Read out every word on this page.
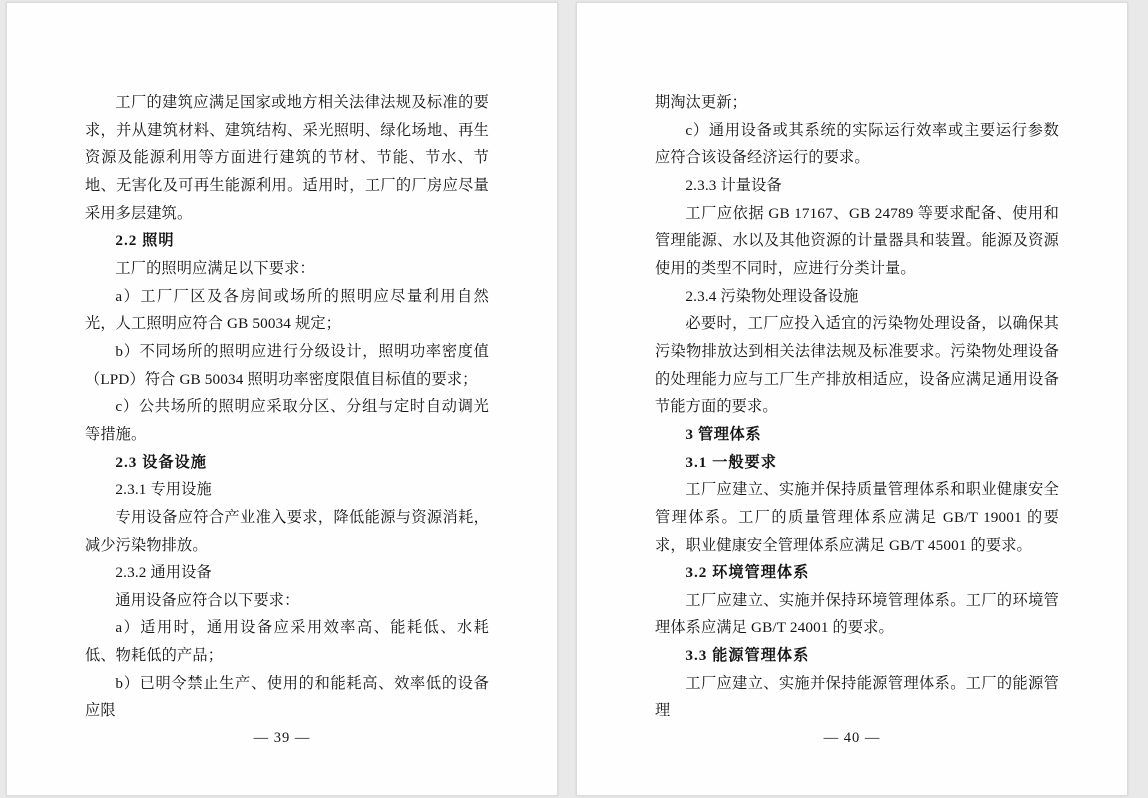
工厂的建筑应满足国家或地方相关法律法规及标准的要求，并从建筑材料、建筑结构、采光照明、绿化场地、再生资源及能源利用等方面进行建筑的节材、节能、节水、节地、无害化及可再生能源利用。适用时，工厂的厂房应尽量采用多层建筑。

2.2 照明

工厂的照明应满足以下要求：

a）工厂厂区及各房间或场所的照明应尽量利用自然光，人工照明应符合 GB 50034 规定；

b）不同场所的照明应进行分级设计，照明功率密度值（LPD）符合 GB 50034 照明功率密度限值目标值的要求；

c）公共场所的照明应采取分区、分组与定时自动调光等措施。

2.3 设备设施

2.3.1 专用设施

专用设备应符合产业准入要求，降低能源与资源消耗，减少污染物排放。

2.3.2 通用设备

通用设备应符合以下要求：

a）适用时，通用设备应采用效率高、能耗低、水耗低、物耗低的产品；

b）已明令禁止生产、使用的和能耗高、效率低的设备应限

— 39 —

期淘汰更新；

c）通用设备或其系统的实际运行效率或主要运行参数应符合该设备经济运行的要求。

2.3.3 计量设备

工厂应依据 GB 17167、GB 24789 等要求配备、使用和管理能源、水以及其他资源的计量器具和装置。能源及资源使用的类型不同时，应进行分类计量。

2.3.4 污染物处理设备设施

必要时，工厂应投入适宜的污染物处理设备，以确保其污染物排放达到相关法律法规及标准要求。污染物处理设备的处理能力应与工厂生产排放相适应，设备应满足通用设备节能方面的要求。

3 管理体系

3.1 一般要求

工厂应建立、实施并保持质量管理体系和职业健康安全管理体系。工厂的质量管理体系应满足 GB/T 19001 的要求，职业健康安全管理体系应满足 GB/T 45001 的要求。

3.2 环境管理体系

工厂应建立、实施并保持环境管理体系。工厂的环境管理体系应满足 GB/T 24001 的要求。

3.3 能源管理体系

工厂应建立、实施并保持能源管理体系。工厂的能源管理

— 40 —
